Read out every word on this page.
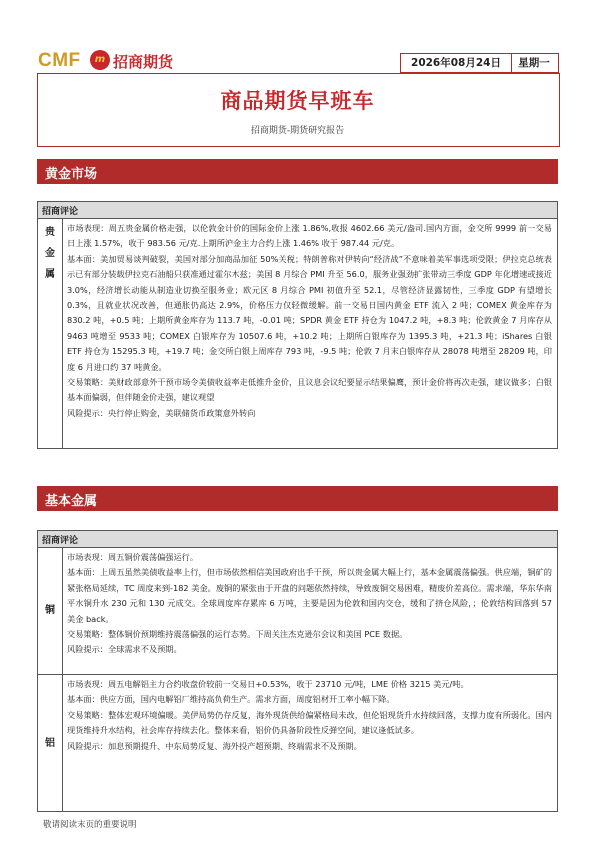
CMF	m 招商期货	2026年08月24日	星期一
商品期货早班车
招商期货-期货研究报告
黄金市场
招商评论
贵
金
属

市场表现：周五贵金属价格走强，以伦敦金计价的国际金价上涨 1.86%,收报 4602.66 美元/盎司.国内方面，金交所 9999 前一交易日上涨 1.57%，收于 983.56 元/克.上期所沪金主力合约上涨 1.46% 收于 987.44 元/克。

基本面：美加贸易谈判破裂，美国对部分加商品加征 50%关税；特朗普称对伊转向“经济战”不意味着美军事选项受限；伊拉克总统表示已有部分装载伊拉克石油船只获准通过霍尔木兹；美国 8 月综合 PMI 升至 56.0，服务业强劲扩张带动三季度 GDP 年化增速或接近 3.0%，经济增长动能从制造业切换至服务业；欧元区 8 月综合 PMI 初值升至 52.1，尽管经济显露韧性，三季度 GDP 有望增长 0.3%，且就业状况改善，但通胀仍高达 2.9%，价格压力仅轻微缓解。前一交易日国内黄金 ETF 流入 2 吨；COMEX 黄金库存为 830.2 吨，+0.5 吨；上期所黄金库存为 113.7 吨，-0.01 吨；SPDR 黄金 ETF 持仓为 1047.2 吨，+8.3 吨；伦敦黄金 7 月库存从 9463 吨增至 9533 吨；COMEX 白银库存为 10507.6 吨，+10.2 吨；上期所白银库存为 1395.3 吨，+21.3 吨；iShares 白银 ETF 持仓为 15295.3 吨，+19.7 吨；金交所白银上周库存 793 吨，-9.5 吨；伦敦 7 月末白银库存从 28078 吨增至 28209 吨，印度 6 月进口约 37 吨黄金。

交易策略：美财政部意外干预市场令美债收益率走低推升金价，且议息会议纪要显示结果偏鹰，预计金价将再次走强，建议做多；白银基本面偏弱，但伴随金价走强，建议观望

风险提示：央行停止购金，美联储货币政策意外转向

基本金属
招商评论
铜

市场表现：周五铜价震荡偏强运行。

基本面：上周五虽然美债收益率上行，但市场依然相信美国政府出手干预，所以贵金属大幅上行，基本金属震荡偏强。供应端，铜矿的紧张格局延续，TC 周度来到-182 美金。废铜的紧张由于开盘的问题依然持续，导致废铜交易困难，精废价差高位。需求端，华东华南平水铜升水 230 元和 130 元成交。全球周度库存累库 6 万吨，主要是因为伦敦和国内交仓，缓和了挤仓风险，；伦敦结构回落到 57 美金 back。

交易策略：整体铜价预期维持震荡偏强的运行态势。下周关注杰克逊尔会议和美国 PCE 数据。

风险提示：全球需求不及预期。

铝

市场表现：周五电解铝主力合约收盘价较前一交易日+0.53%，收于 23710 元/吨，LME 价格 3215 美元/吨。

基本面：供应方面，国内电解铝厂维持高负荷生产。需求方面，周度铝材开工率小幅下降。

交易策略：整体宏观环境偏暖。美伊局势仍存反复，海外现货供给偏紧格局未改，但伦铝现货升水持续回落，支撑力度有所弱化。国内现货维持升水结构，社会库存持续去化。整体来看，铝价仍具备阶段性反弹空间，建议逢低试多。

风险提示：加息预期提升、中东局势反复、海外投产超预期、终端需求不及预期。

敬请阅读末页的重要说明
